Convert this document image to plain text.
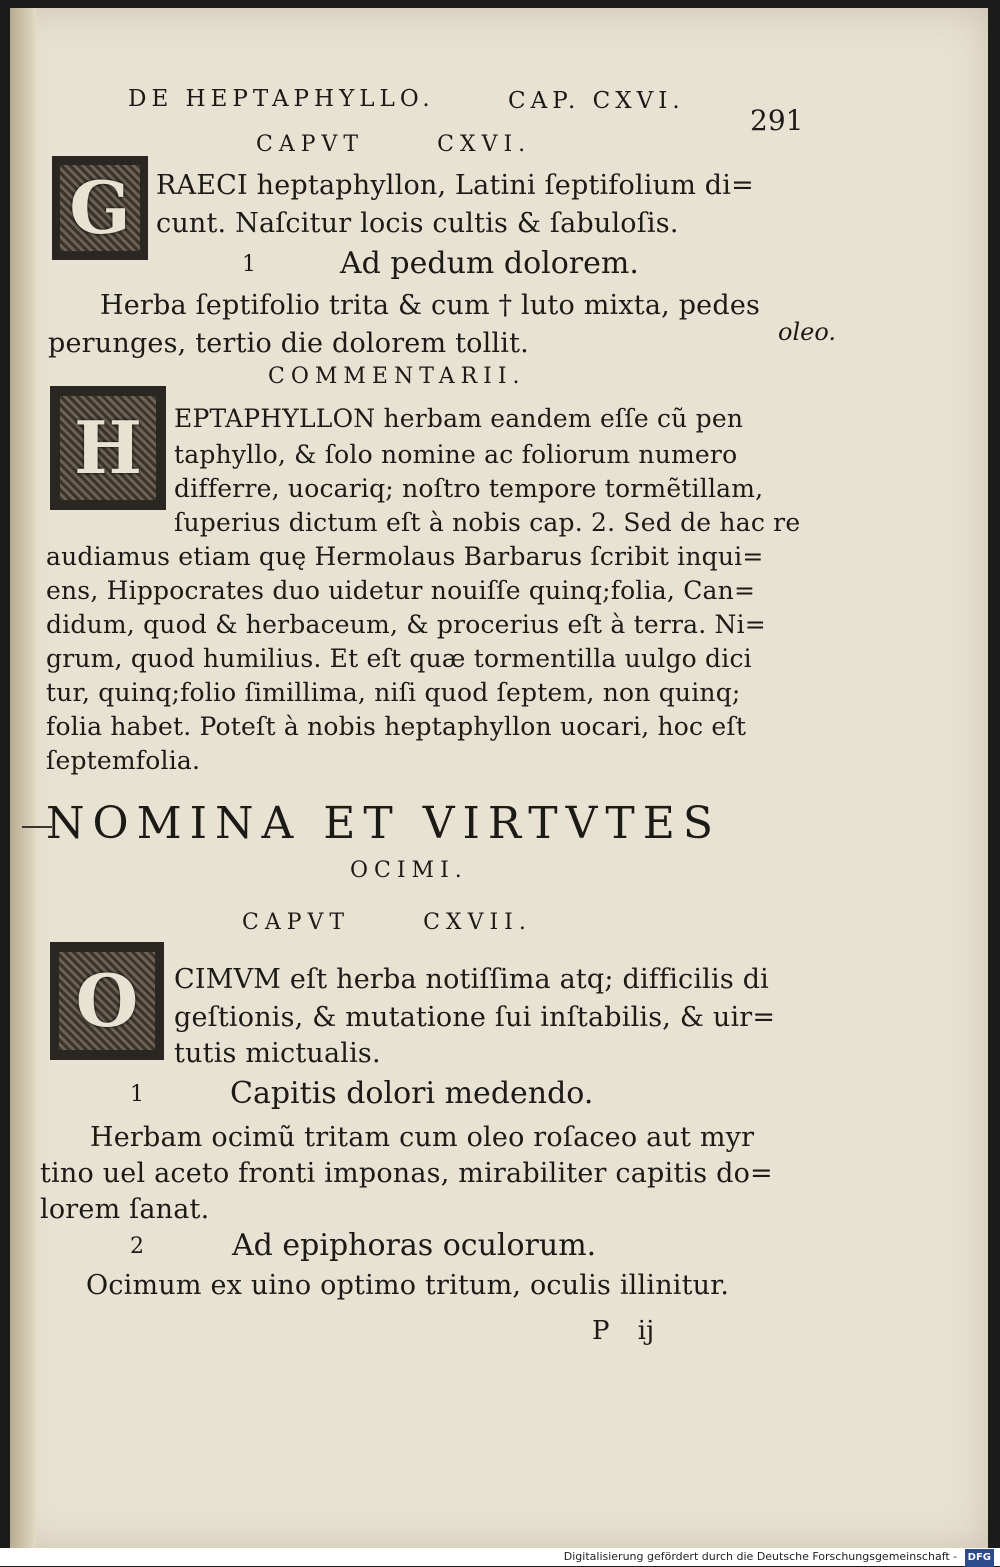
DE HEPTAPHYLLO.	CAP. CXVI.
291
CAPVT CXVI.
G RAECI heptaphyllon, Latini ſeptifolium di=
cunt. Naſcitur locis cultis & ſabuloſis.
1	Ad pedum dolorem.
Herba ſeptifolio trita & cum † luto mixta, pedes
perunges, tertio die dolorem tollit.	oleo.
COMMENTARII.
H	EPTAPHYLLON herbam eandem eſſe cũ pen
taphyllo, & ſolo nomine ac foliorum numero
differre, uocariq; noſtro tempore tormẽtillam,
ſuperius dictum eſt à nobis cap. 2. Sed de hac re
audiamus etiam quę Hermolaus Barbarus ſcribit inqui=
ens, Hippocrates duo uidetur nouiſſe quinq;folia, Can=
didum, quod & herbaceum, & procerius eſt à terra. Ni=
grum, quod humilius. Et eſt quæ tormentilla uulgo dici
tur, quinq;folio ſimillima, niſi quod ſeptem, non quinq;
folia habet. Poteſt à nobis heptaphyllon uocari, hoc eſt
ſeptemfolia.
NOMINA ET VIRTVTES
OCIMI.
CAPVT CXVII.
O	CIMVM eſt herba notiſſima atq; difficilis di
geſtionis, & mutatione ſui inſtabilis, & uir=
tutis mictualis.
1	Capitis dolori medendo.
Herbam ocimũ tritam cum oleo roſaceo aut myr
tino uel aceto fronti imponas, mirabiliter capitis do=
lorem ſanat.
2	Ad epiphoras oculorum.
Ocimum ex uino optimo tritum, oculis illinitur.
P ij
Digitalisierung gefördert durch die Deutsche Forschungsgemeinschaft - DFG
